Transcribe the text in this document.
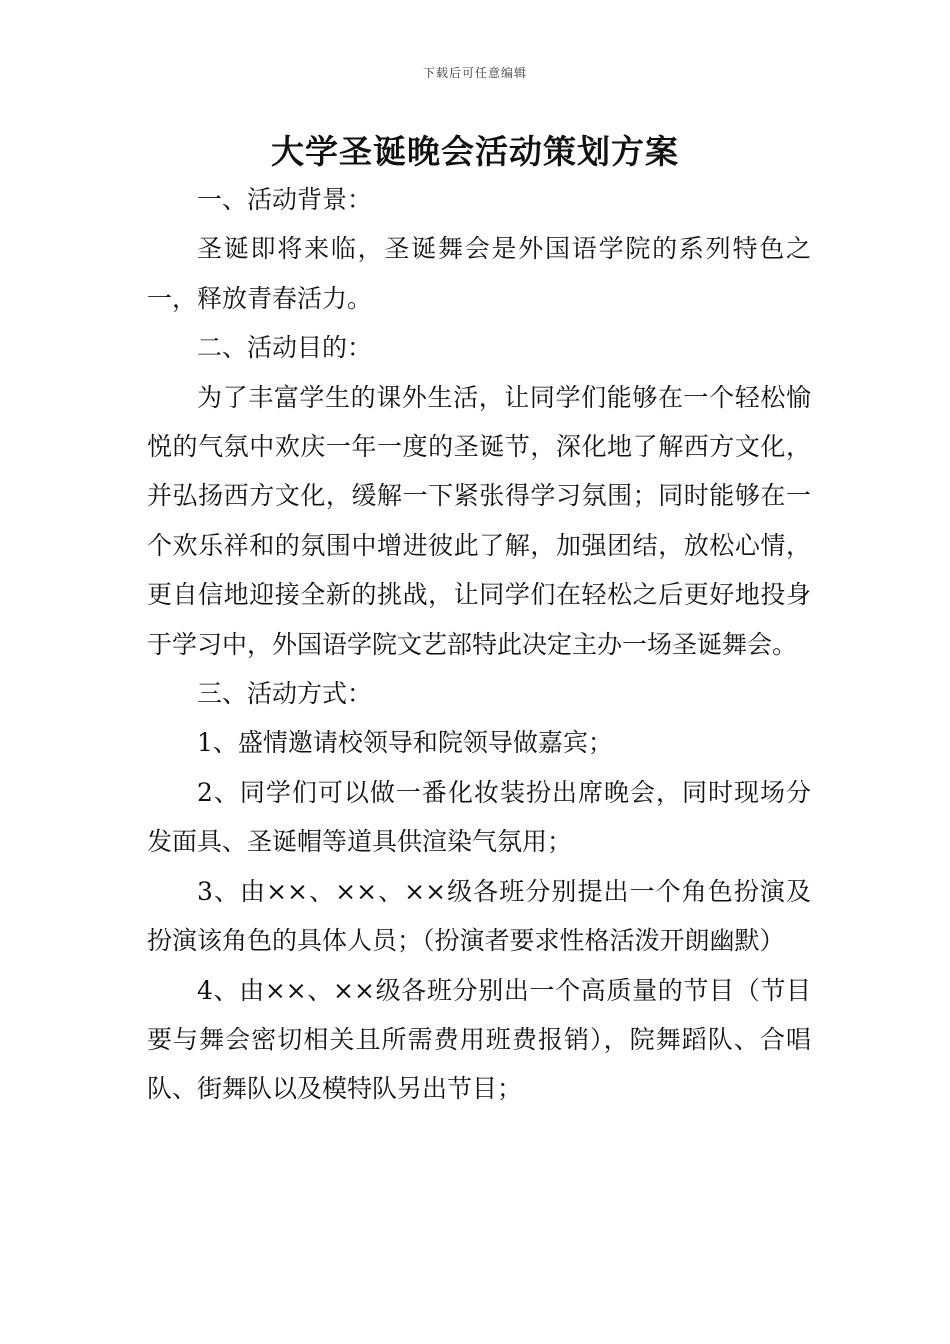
下载后可任意编辑
大学圣诞晚会活动策划方案

一、活动背景：

圣诞即将来临，圣诞舞会是外国语学院的系列特色之一，释放青春活力。

二、活动目的：

为了丰富学生的课外生活，让同学们能够在一个轻松愉悦的气氛中欢庆一年一度的圣诞节，深化地了解西方文化，并弘扬西方文化，缓解一下紧张得学习氛围；同时能够在一个欢乐祥和的氛围中增进彼此了解，加强团结，放松心情，更自信地迎接全新的挑战，让同学们在轻松之后更好地投身于学习中，外国语学院文艺部特此决定主办一场圣诞舞会。

三、活动方式：

1、盛情邀请校领导和院领导做嘉宾；

2、同学们可以做一番化妆装扮出席晚会，同时现场分发面具、圣诞帽等道具供渲染气氛用；

3、由××、××、××级各班分别提出一个角色扮演及扮演该角色的具体人员；（扮演者要求性格活泼开朗幽默）

4、由××、××级各班分别出一个高质量的节目（节目要与舞会密切相关且所需费用班费报销），院舞蹈队、合唱队、街舞队以及模特队另出节目；
